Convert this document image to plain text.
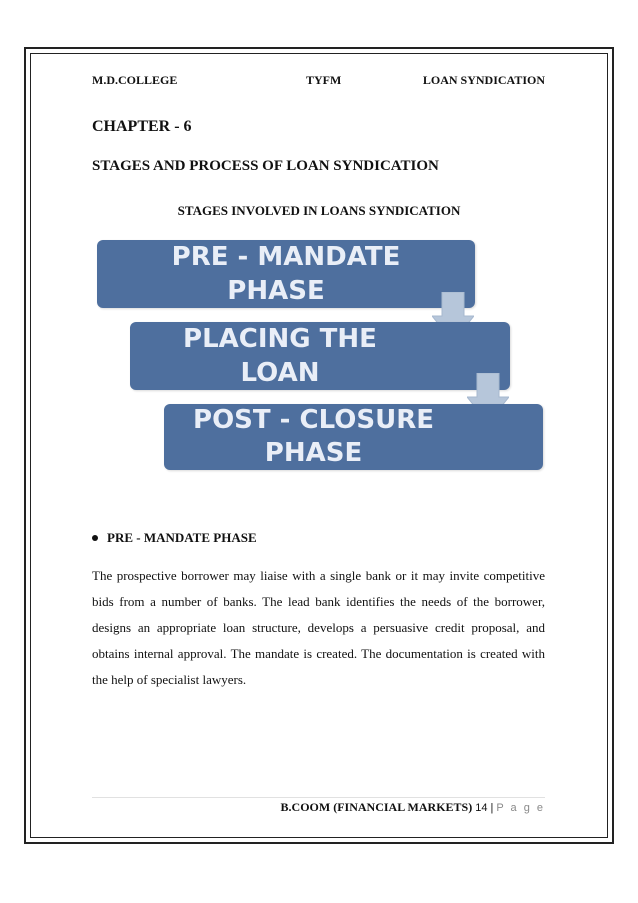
M.D.COLLEGE	TYFM	LOAN SYNDICATION
CHAPTER - 6
STAGES AND PROCESS OF LOAN SYNDICATION
STAGES INVOLVED IN LOANS SYNDICATION
PRE - MANDATE
PHASE
PLACING THE
LOAN
POST - CLOSURE
PHASE
PRE - MANDATE PHASE

The prospective borrower may liaise with a single bank or it may invite competitive bids from a number of banks. The lead bank identifies the needs of the borrower, designs an appropriate loan structure, develops a persuasive credit proposal, and obtains internal approval. The mandate is created. The documentation is created with the help of specialist lawyers.

B.COOM (FINANCIAL MARKETS) 14 | P a g e
